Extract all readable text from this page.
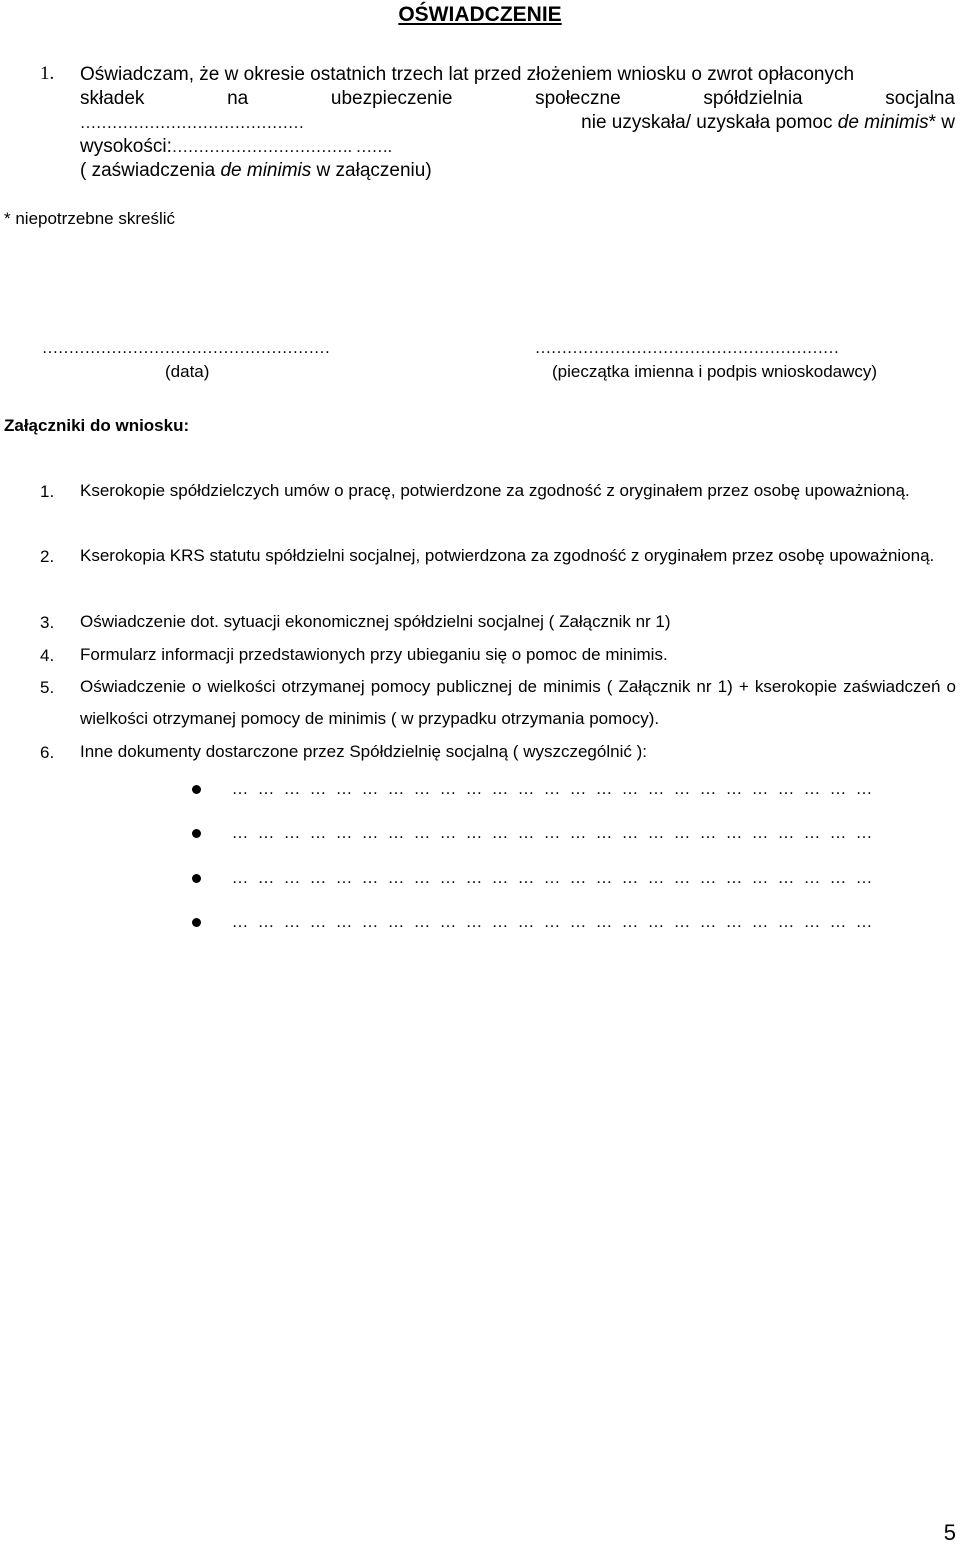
OŚWIADCZENIE
1. Oświadczam, że w okresie ostatnich trzech lat przed złożeniem wniosku o zwrot opłaconych
składek na ubezpieczenie społeczne spółdzielnia socjalna
……………………………………	nie uzyskała/ uzyskała pomoc de minimis* w
wysokości:……………………………. …….
( zaświadczenia de minimis w załączeniu)
* niepotrzebne skreślić
………………………………………………
(data)
…………………………………………………
(pieczątka imienna i podpis wnioskodawcy)
Załączniki do wniosku:
1. Kserokopie spółdzielczych umów o pracę, potwierdzone za zgodność z oryginałem przez osobę upoważnioną.
2. Kserokopia KRS statutu spółdzielni socjalnej, potwierdzona za zgodność z oryginałem przez osobę upoważnioną.
3. Oświadczenie dot. sytuacji ekonomicznej spółdzielni socjalnej ( Załącznik nr 1)
4. Formularz informacji przedstawionych przy ubieganiu się o pomoc de minimis.
5. Oświadczenie o wielkości otrzymanej pomocy publicznej de minimis ( Załącznik nr 1) + kserokopie zaświadczeń o wielkości otrzymanej pomocy de minimis ( w przypadku otrzymania pomocy).
6. Inne dokumenty dostarczone przez Spółdzielnię socjalną ( wyszczególnić ):
… … … … … … … … … … … … … … … … … … … … … … … … …
… … … … … … … … … … … … … … … … … … … … … … … … …
… … … … … … … … … … … … … … … … … … … … … … … … …
… … … … … … … … … … … … … … … … … … … … … … … … …
5
